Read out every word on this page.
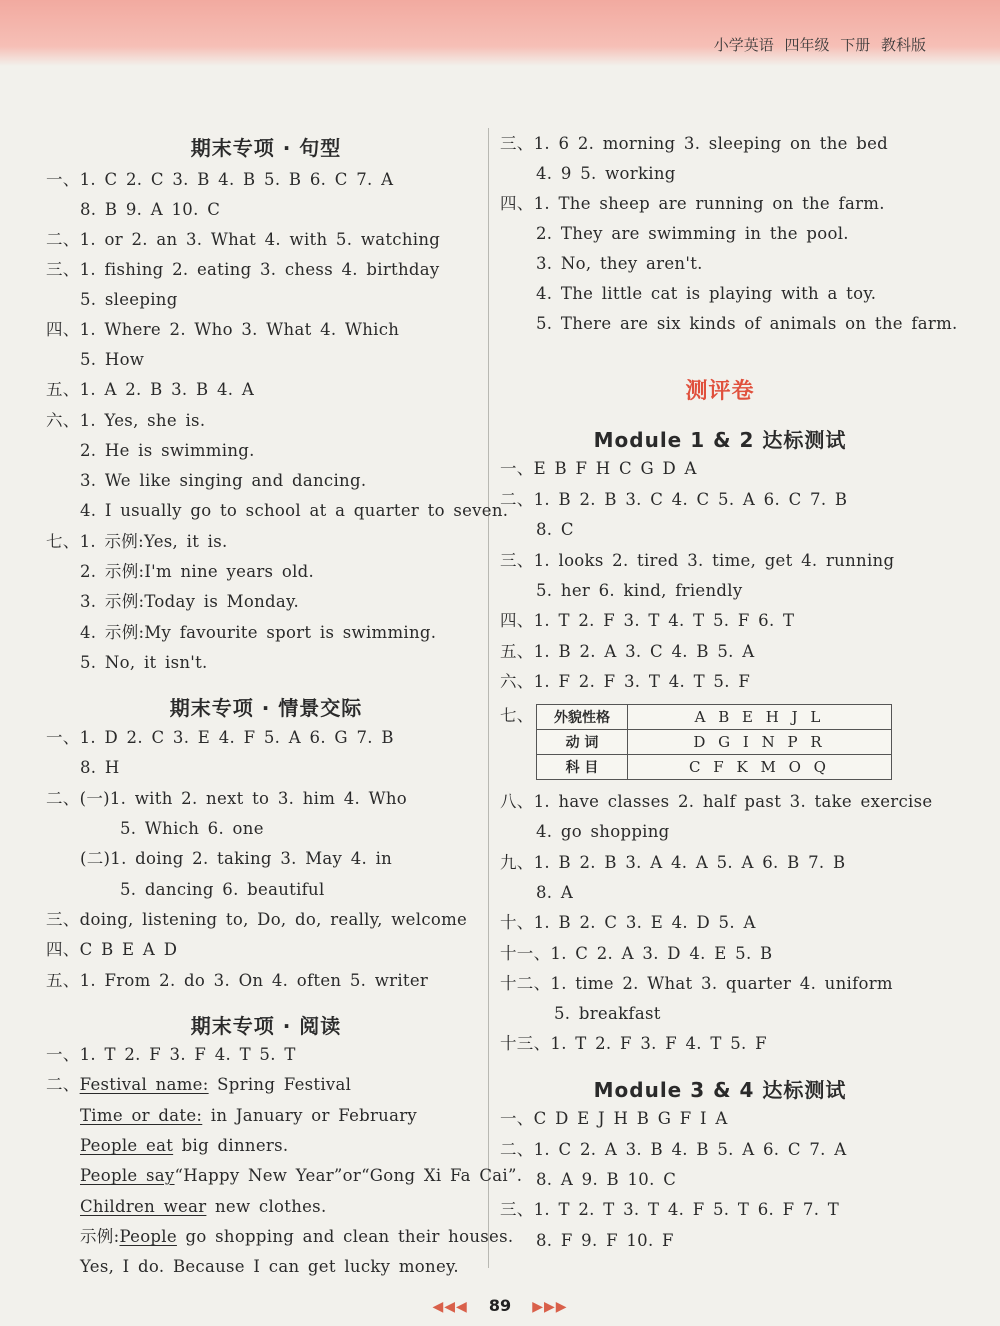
小学英语 四年级 下册 教科版
期末专项 · 句型
一、1. C 2. C 3. B 4. B 5. B 6. C 7. A
8. B 9. A 10. C
二、1. or 2. an 3. What 4. with 5. watching
三、1. fishing 2. eating 3. chess 4. birthday
5. sleeping
四、1. Where 2. Who 3. What 4. Which
5. How
五、1. A 2. B 3. B 4. A
六、1. Yes, she is.
2. He is swimming.
3. We like singing and dancing.
4. I usually go to school at a quarter to seven.
七、1. 示例:Yes, it is.
2. 示例:I'm nine years old.
3. 示例:Today is Monday.
4. 示例:My favourite sport is swimming.
5. No, it isn't.
期末专项 · 情景交际
一、1. D 2. C 3. E 4. F 5. A 6. G 7. B
8. H
二、(一)1. with 2. next to 3. him 4. Who
5. Which 6. one
(二)1. doing 2. taking 3. May 4. in
5. dancing 6. beautiful
三、doing, listening to, Do, do, really, welcome
四、C B E A D
五、1. From 2. do 3. On 4. often 5. writer
期末专项 · 阅读
一、1. T 2. F 3. F 4. T 5. T
二、Festival name: Spring Festival
Time or date: in January or February
People eat big dinners.
People say“Happy New Year”or“Gong Xi Fa Cai”.
Children wear new clothes.
示例:People go shopping and clean their houses.
Yes, I do. Because I can get lucky money.
三、1. 6 2. morning 3. sleeping on the bed
4. 9 5. working
四、1. The sheep are running on the farm.
2. They are swimming in the pool.
3. No, they aren't.
4. The little cat is playing with a toy.
5. There are six kinds of animals on the farm.
测评卷
Module 1 & 2 达标测试
一、E B F H C G D A
二、1. B 2. B 3. C 4. C 5. A 6. C 7. B
8. C
三、1. looks 2. tired 3. time, get 4. running
5. her 6. kind, friendly
四、1. T 2. F 3. T 4. T 5. F 6. T
五、1. B 2. A 3. C 4. B 5. A
六、1. F 2. F 3. T 4. T 5. F
七、 外貌性格	A B E H J L
动 词	D G I N P R
科 目	C F K M O Q
八、1. have classes 2. half past 3. take exercise
4. go shopping
九、1. B 2. B 3. A 4. A 5. A 6. B 7. B
8. A
十、1. B 2. C 3. E 4. D 5. A
十一、1. C 2. A 3. D 4. E 5. B
十二、1. time 2. What 3. quarter 4. uniform
5. breakfast
十三、1. T 2. F 3. F 4. T 5. F
Module 3 & 4 达标测试
一、C D E J H B G F I A
二、1. C 2. A 3. B 4. B 5. A 6. C 7. A
8. A 9. B 10. C
三、1. T 2. T 3. T 4. F 5. T 6. F 7. T
8. F 9. F 10. F
◀◀◀ 89 ▶▶▶
